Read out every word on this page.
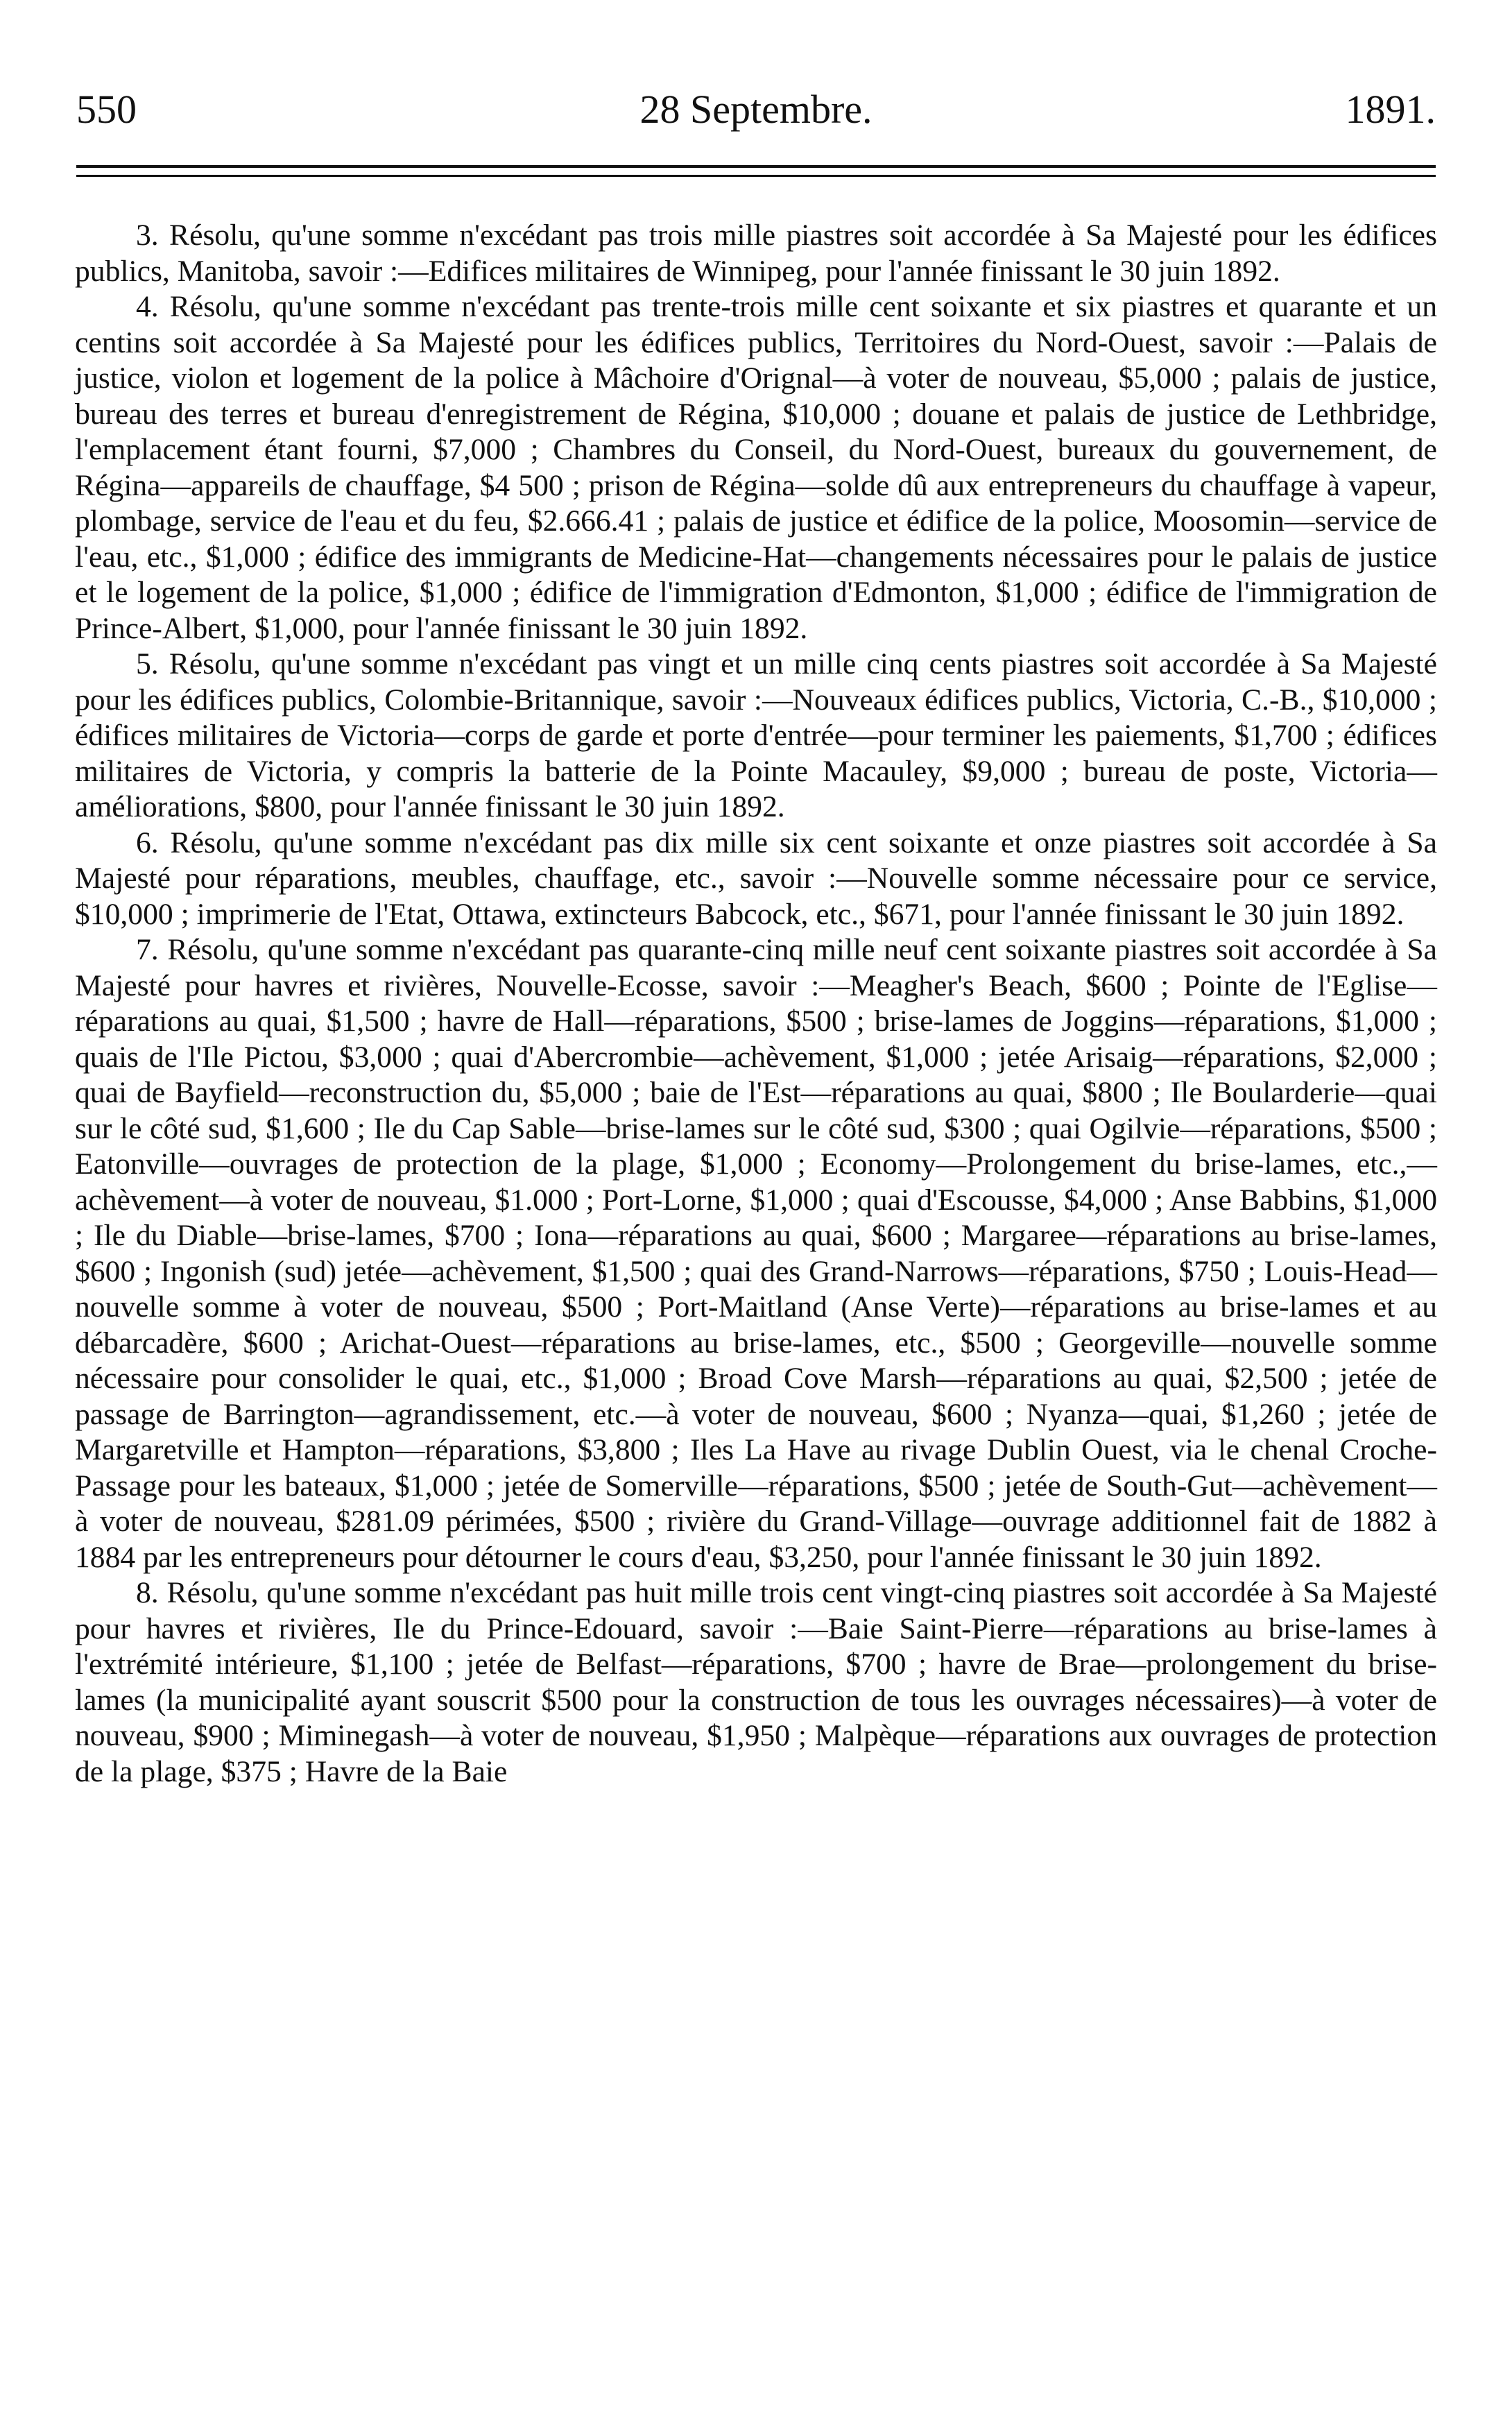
550	28 Septembre.	1891.

3. Résolu, qu'une somme n'excédant pas trois mille piastres soit accordée à Sa Majesté pour les édifices publics, Manitoba, savoir :—Edifices militaires de Winnipeg, pour l'année finissant le 30 juin 1892.

4. Résolu, qu'une somme n'excédant pas trente-trois mille cent soixante et six piastres et quarante et un centins soit accordée à Sa Majesté pour les édifices publics, Territoires du Nord-Ouest, savoir :—Palais de justice, violon et logement de la police à Mâchoire d'Orignal—à voter de nouveau, $5,000 ; palais de justice, bureau des terres et bureau d'enregistrement de Régina, $10,000 ; douane et palais de justice de Lethbridge, l'emplacement étant fourni, $7,000 ; Chambres du Conseil, du Nord-Ouest, bureaux du gouvernement, de Régina—appareils de chauffage, $4 500 ; prison de Régina—solde dû aux entrepreneurs du chauffage à vapeur, plombage, service de l'eau et du feu, $2.666.41 ; palais de justice et édifice de la police, Moosomin—service de l'eau, etc., $1,000 ; édifice des immigrants de Medicine-Hat—changements nécessaires pour le palais de justice et le logement de la police, $1,000 ; édifice de l'immigration d'Edmonton, $1,000 ; édifice de l'immigration de Prince-Albert, $1,000, pour l'année finissant le 30 juin 1892.

5. Résolu, qu'une somme n'excédant pas vingt et un mille cinq cents piastres soit accordée à Sa Majesté pour les édifices publics, Colombie-Britannique, savoir :—Nouveaux édifices publics, Victoria, C.-B., $10,000 ; édifices militaires de Victoria—corps de garde et porte d'entrée—pour terminer les paiements, $1,700 ; édifices militaires de Victoria, y compris la batterie de la Pointe Macauley, $9,000 ; bureau de poste, Victoria—améliorations, $800, pour l'année finissant le 30 juin 1892.

6. Résolu, qu'une somme n'excédant pas dix mille six cent soixante et onze piastres soit accordée à Sa Majesté pour réparations, meubles, chauffage, etc., savoir :—Nouvelle somme nécessaire pour ce service, $10,000 ; imprimerie de l'Etat, Ottawa, extincteurs Babcock, etc., $671, pour l'année finissant le 30 juin 1892.

7. Résolu, qu'une somme n'excédant pas quarante-cinq mille neuf cent soixante piastres soit accordée à Sa Majesté pour havres et rivières, Nouvelle-Ecosse, savoir :—Meagher's Beach, $600 ; Pointe de l'Eglise—réparations au quai, $1,500 ; havre de Hall—réparations, $500 ; brise-lames de Joggins—réparations, $1,000 ; quais de l'Ile Pictou, $3,000 ; quai d'Abercrombie—achèvement, $1,000 ; jetée Arisaig—réparations, $2,000 ; quai de Bayfield—reconstruction du, $5,000 ; baie de l'Est—réparations au quai, $800 ; Ile Boularderie—quai sur le côté sud, $1,600 ; Ile du Cap Sable—brise-lames sur le côté sud, $300 ; quai Ogilvie—réparations, $500 ; Eatonville—ouvrages de protection de la plage, $1,000 ; Economy—Prolongement du brise-lames, etc.,—achèvement—à voter de nouveau, $1.000 ; Port-Lorne, $1,000 ; quai d'Escousse, $4,000 ; Anse Babbins, $1,000 ; Ile du Diable—brise-lames, $700 ; Iona—réparations au quai, $600 ; Margaree—réparations au brise-lames, $600 ; Ingonish (sud) jetée—achèvement, $1,500 ; quai des Grand-Narrows—réparations, $750 ; Louis-Head—nouvelle somme à voter de nouveau, $500 ; Port-Maitland (Anse Verte)—réparations au brise-lames et au débarcadère, $600 ; Arichat-Ouest—réparations au brise-lames, etc., $500 ; Georgeville—nouvelle somme nécessaire pour consolider le quai, etc., $1,000 ; Broad Cove Marsh—réparations au quai, $2,500 ; jetée de passage de Barrington—agrandissement, etc.—à voter de nouveau, $600 ; Nyanza—quai, $1,260 ; jetée de Margaretville et Hampton—réparations, $3,800 ; Iles La Have au rivage Dublin Ouest, via le chenal Croche-Passage pour les bateaux, $1,000 ; jetée de Somerville—réparations, $500 ; jetée de South-Gut—achèvement—à voter de nouveau, $281.09 périmées, $500 ; rivière du Grand-Village—ouvrage additionnel fait de 1882 à 1884 par les entrepreneurs pour détourner le cours d'eau, $3,250, pour l'année finissant le 30 juin 1892.

8. Résolu, qu'une somme n'excédant pas huit mille trois cent vingt-cinq piastres soit accordée à Sa Majesté pour havres et rivières, Ile du Prince-Edouard, savoir :—Baie Saint-Pierre—réparations au brise-lames à l'extrémité intérieure, $1,100 ; jetée de Belfast—réparations, $700 ; havre de Brae—prolongement du brise-lames (la municipalité ayant souscrit $500 pour la construction de tous les ouvrages nécessaires)—à voter de nouveau, $900 ; Miminegash—à voter de nouveau, $1,950 ; Malpèque—réparations aux ouvrages de protection de la plage, $375 ; Havre de la Baie
